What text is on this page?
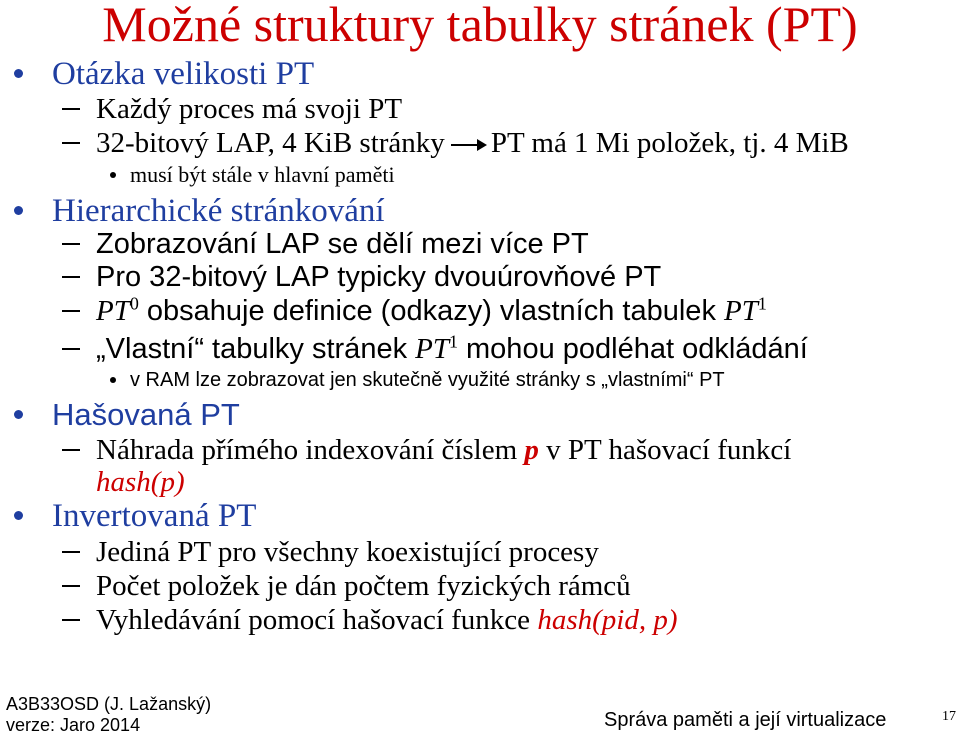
Možné struktury tabulky stránek (PT)
Otázka velikosti PT
Každý proces má svoji PT
32-bitový LAP, 4 KiB stránky PT má 1 Mi položek, tj. 4 MiB
musí být stále v hlavní paměti
Hierarchické stránkování
Zobrazování LAP se dělí mezi více PT
Pro 32-bitový LAP typicky dvouúrovňové PT
$PT^0$ obsahuje definice (odkazy) vlastních tabulek $PT^1$
„Vlastní“ tabulky stránek $PT^1$ mohou podléhat odkládání
v RAM lze zobrazovat jen skutečně využité stránky s „vlastními“ PT
Hašovaná PT
Náhrada přímého indexování číslem p v PT hašovací funkcí
hash(p)
Invertovaná PT
Jediná PT pro všechny koexistující procesy
Počet položek je dán počtem fyzických rámců
Vyhledávání pomocí hašovací funkce hash(pid, p)
A3B33OSD (J. Lažanský)
verze: Jaro 2014	Správa paměti a její virtualizace	17
